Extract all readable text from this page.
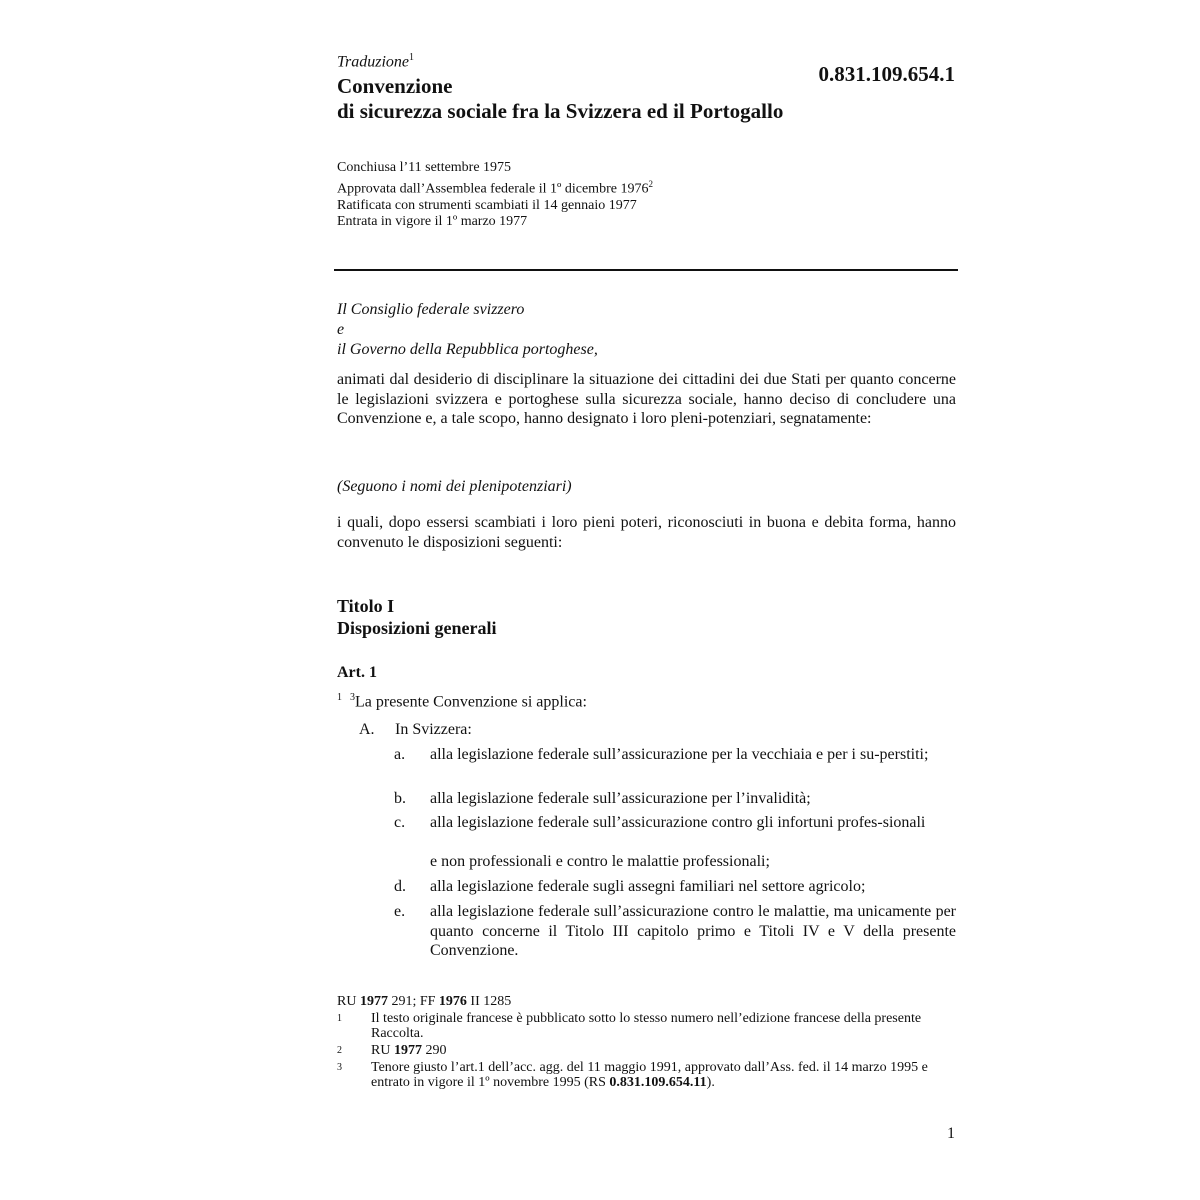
Traduzione$^1$
0.831.109.654.1
Convenzione
di sicurezza sociale fra la Svizzera ed il Portogallo
Conchiusa l’11 settembre 1975
Approvata dall’Assemblea federale il 1º dicembre 1976$^2$
Ratificata con strumenti scambiati il 14 gennaio 1977
Entrata in vigore il 1º marzo 1977
Il Consiglio federale svizzero
e
il Governo della Repubblica portoghese,
animati dal desiderio di disciplinare la situazione dei cittadini dei due Stati per quanto concerne le legislazioni svizzera e portoghese sulla sicurezza sociale, hanno deciso di concludere una Convenzione e, a tale scopo, hanno designato i loro pleni-potenziari, segnatamente:
(Seguono i nomi dei plenipotenziari)
i quali, dopo essersi scambiati i loro pieni poteri, riconosciuti in buona e debita forma, hanno convenuto le disposizioni seguenti:
Titolo I
Disposizioni generali
Art. 1
$^1$ $^3$La presente Convenzione si applica:
A. In Svizzera:
a.	alla legislazione federale sull’assicurazione per la vecchiaia e per i su-perstiti;
b.	alla legislazione federale sull’assicurazione per l’invalidità;
c.	alla legislazione federale sull’assicurazione contro gli infortuni profes-sionali
e non professionali e contro le malattie professionali;
d.	alla legislazione federale sugli assegni familiari nel settore agricolo;
e.	alla legislazione federale sull’assicurazione contro le malattie, ma unicamente per quanto concerne il Titolo III capitolo primo e Titoli IV e V della presente Convenzione.
RU 1977 291; FF 1976 II 1285
1 Il testo originale francese è pubblicato sotto lo stesso numero nell’edizione francese della presente Raccolta.
2 RU 1977 290
3 Tenore giusto l’art.1 dell’acc. agg. del 11 maggio 1991, approvato dall’Ass. fed. il 14 marzo 1995 e entrato in vigore il 1º novembre 1995 (RS 0.831.109.654.11).
1
